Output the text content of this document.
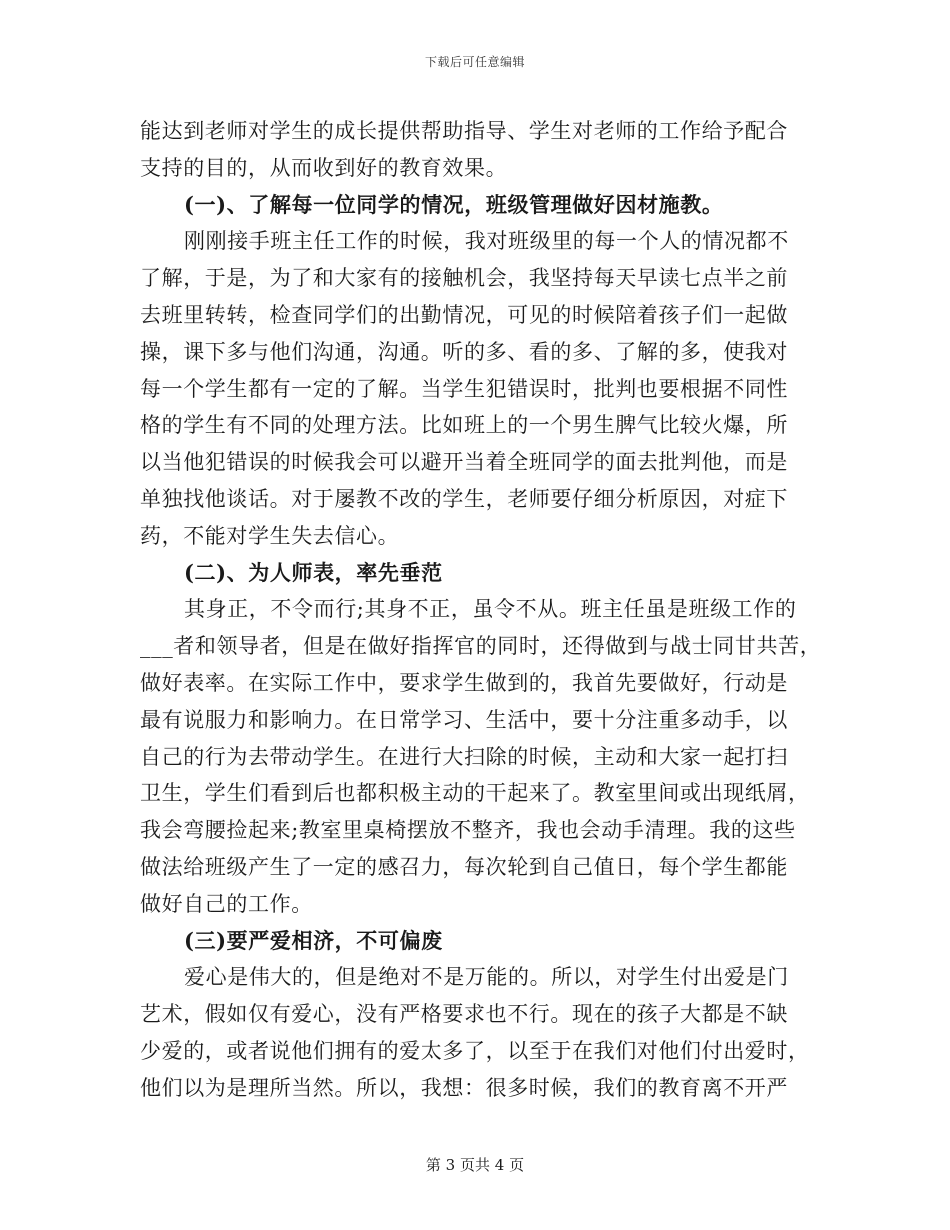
下载后可任意编辑
能达到老师对学生的成长提供帮助指导、学生对老师的工作给予配合
支持的目的，从而收到好的教育效果。
(一)、了解每一位同学的情况，班级管理做好因材施教。
刚刚接手班主任工作的时候，我对班级里的每一个人的情况都不
了解，于是，为了和大家有的接触机会，我坚持每天早读七点半之前
去班里转转，检查同学们的出勤情况，可见的时候陪着孩子们一起做
操，课下多与他们沟通，沟通。听的多、看的多、了解的多，使我对
每一个学生都有一定的了解。当学生犯错误时，批判也要根据不同性
格的学生有不同的处理方法。比如班上的一个男生脾气比较火爆，所
以当他犯错误的时候我会可以避开当着全班同学的面去批判他，而是
单独找他谈话。对于屡教不改的学生，老师要仔细分析原因，对症下
药，不能对学生失去信心。
(二)、为人师表，率先垂范
其身正，不令而行;其身不正，虽令不从。班主任虽是班级工作的
___者和领导者，但是在做好指挥官的同时，还得做到与战士同甘共苦，
做好表率。在实际工作中，要求学生做到的，我首先要做好，行动是
最有说服力和影响力。在日常学习、生活中，要十分注重多动手，以
自己的行为去带动学生。在进行大扫除的时候，主动和大家一起打扫
卫生，学生们看到后也都积极主动的干起来了。教室里间或出现纸屑，
我会弯腰捡起来;教室里桌椅摆放不整齐，我也会动手清理。我的这些
做法给班级产生了一定的感召力，每次轮到自己值日，每个学生都能
做好自己的工作。
(三)要严爱相济，不可偏废
爱心是伟大的，但是绝对不是万能的。所以，对学生付出爱是门
艺术，假如仅有爱心，没有严格要求也不行。现在的孩子大都是不缺
少爱的，或者说他们拥有的爱太多了，以至于在我们对他们付出爱时，
他们以为是理所当然。所以，我想：很多时候，我们的教育离不开严
第 3 页共 4 页
